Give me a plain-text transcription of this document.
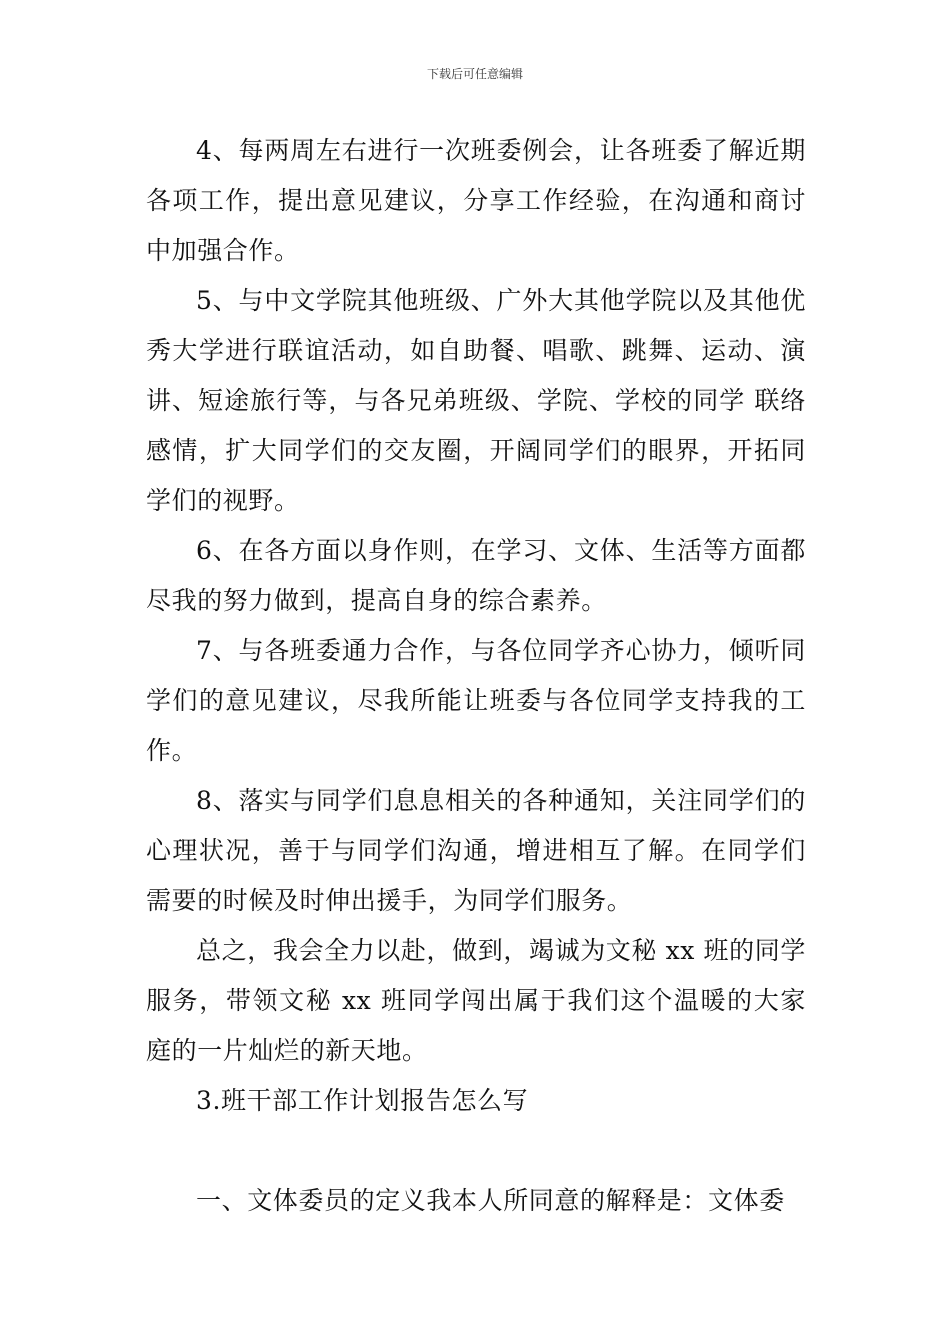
下载后可任意编辑

4、每两周左右进行一次班委例会，让各班委了解近期各项工作，提出意见建议，分享工作经验，在沟通和商讨中加强合作。

5、与中文学院其他班级、广外大其他学院以及其他优秀大学进行联谊活动，如自助餐、唱歌、跳舞、运动、演讲、短途旅行等，与各兄弟班级、学院、学校的同学 联络感情，扩大同学们的交友圈，开阔同学们的眼界，开拓同学们的视野。

6、在各方面以身作则，在学习、文体、生活等方面都尽我的努力做到，提高自身的综合素养。

7、与各班委通力合作，与各位同学齐心协力，倾听同学们的意见建议，尽我所能让班委与各位同学支持我的工作。

8、落实与同学们息息相关的各种通知，关注同学们的心理状况，善于与同学们沟通，增进相互了解。在同学们需要的时候及时伸出援手，为同学们服务。

总之，我会全力以赴，做到，竭诚为文秘 xx 班的同学服务，带领文秘 xx 班同学闯出属于我们这个温暖的大家庭的一片灿烂的新天地。

3.班干部工作计划报告怎么写

一、文体委员的定义我本人所同意的解释是：文体委
